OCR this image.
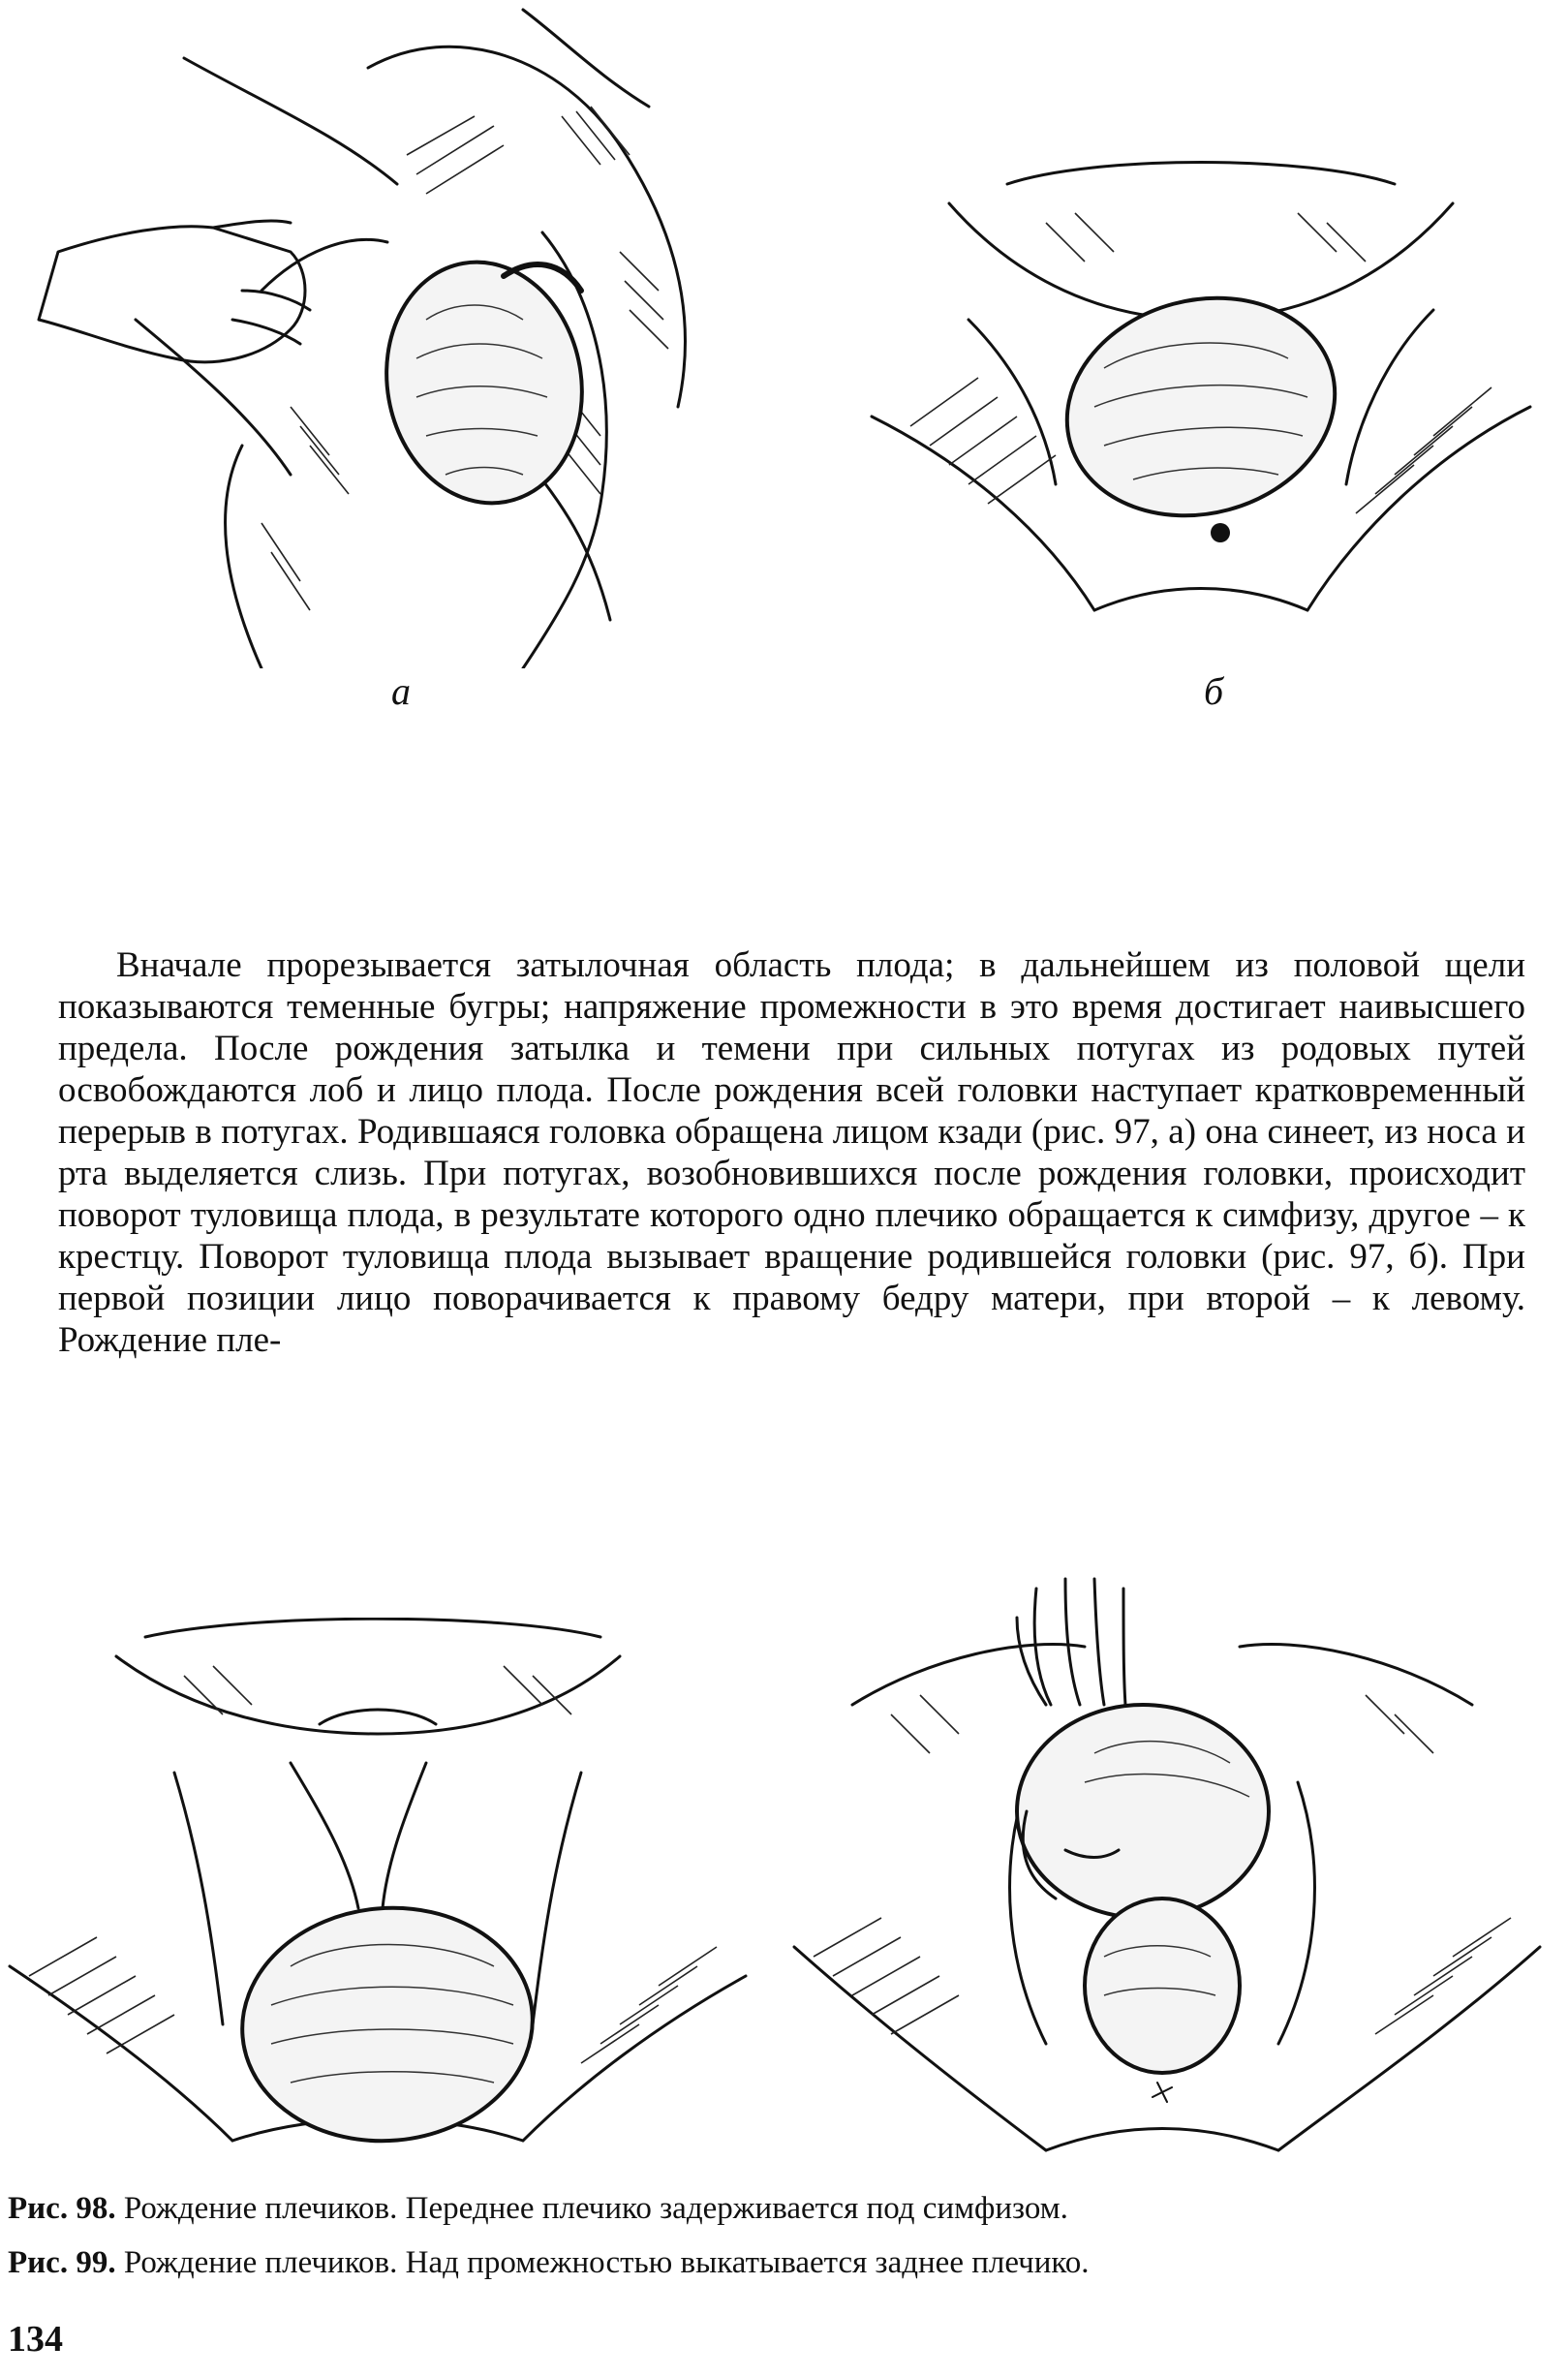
а	б

Вначале прорезывается затылочная область плода; в дальнейшем из половой щели показываются теменные бугры; напряжение промежности в это время достигает наивысшего предела. После рождения затылка и темени при сильных потугах из родовых путей освобождаются лоб и лицо плода. После рождения всей головки наступает кратковременный перерыв в потугах. Родившаяся головка обращена лицом кзади (рис. 97, а) она синеет, из носа и рта выделяется слизь. При потугах, возобновившихся после рождения головки, происходит поворот туловища плода, в результате которого одно плечико обращается к симфизу, другое – к крестцу. Поворот туловища плода вызывает вращение родившейся головки (рис. 97, б). При первой позиции лицо поворачивается к правому бедру матери, при второй – к левому. Рождение пле-

Рис. 98. Рождение плечиков. Переднее плечико задерживается под симфизом.
Рис. 99. Рождение плечиков. Над промежностью выкатывается заднее плечико.
134
